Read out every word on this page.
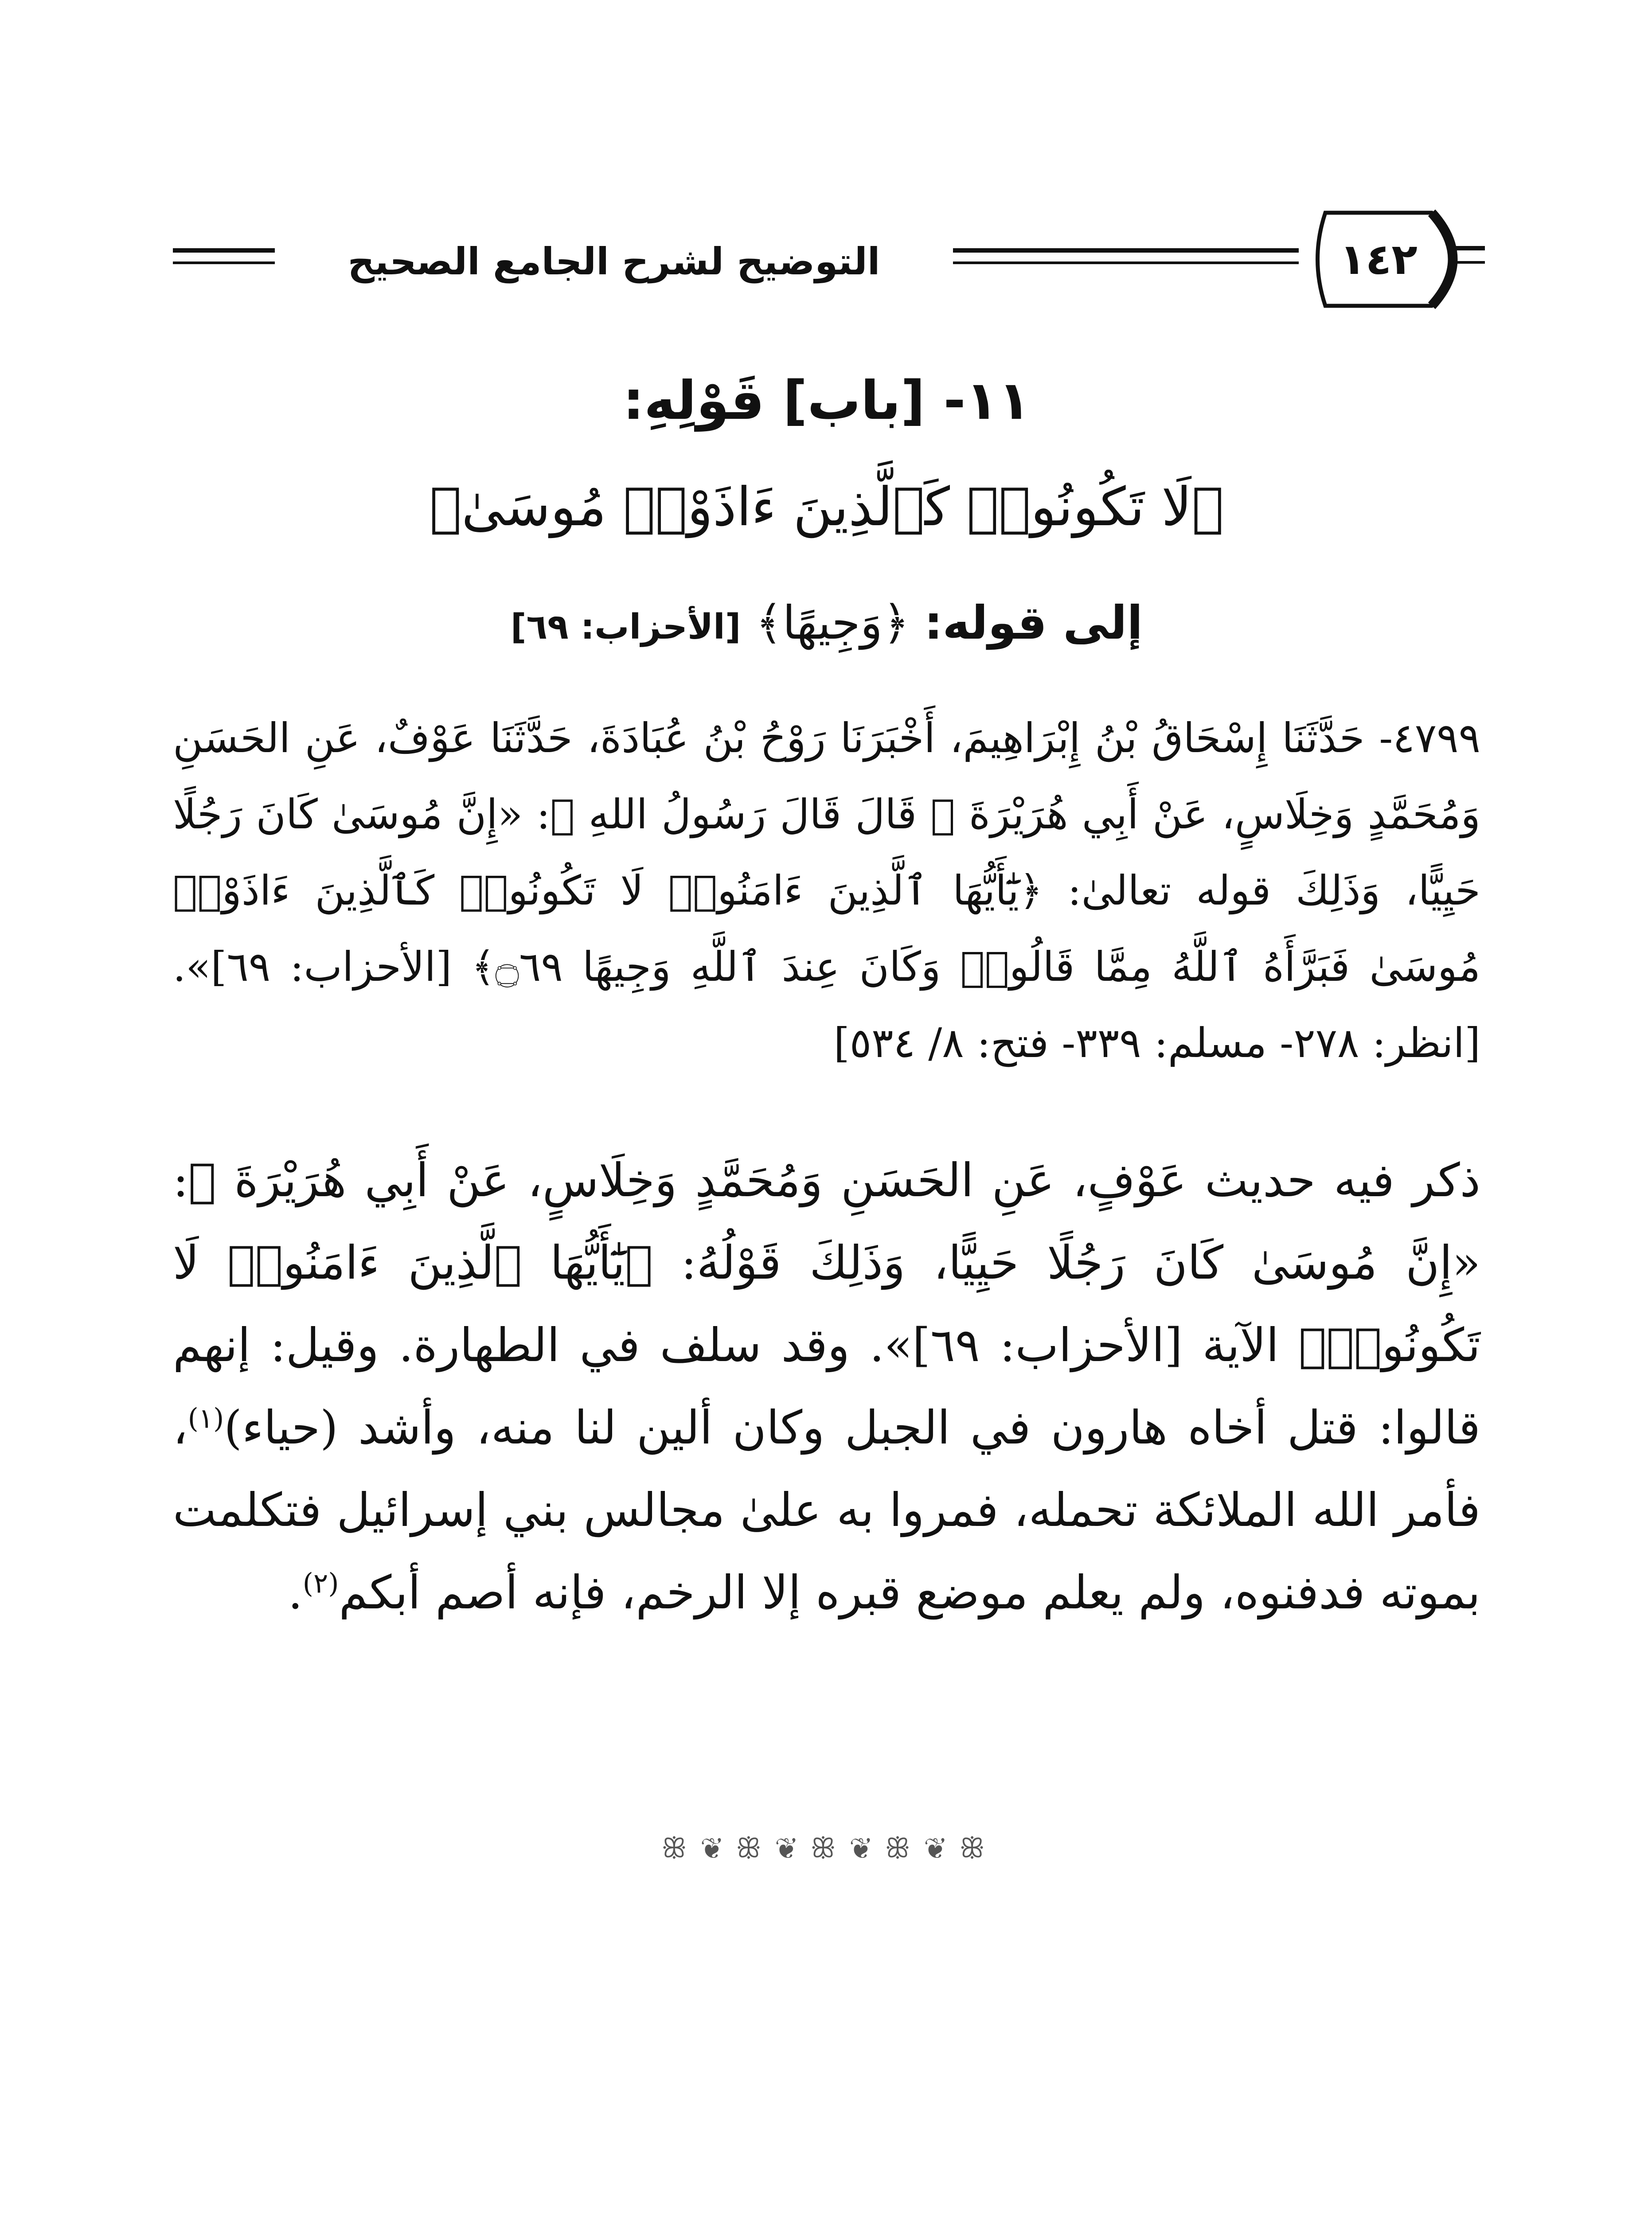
التوضيح لشرح الجامع الصحيح	١٤٢
١١- [باب] قَوْلِهِ:
﴿لَا تَكُونُوا۟ كَٱلَّذِينَ ءَاذَوْا۟ مُوسَىٰ﴾
إلى قوله: ﴿وَجِيهًا﴾ [الأحزاب: ٦٩]
٤٧٩٩- حَدَّثَنَا إِسْحَاقُ بْنُ إِبْرَاهِيمَ، أَخْبَرَنَا رَوْحُ بْنُ عُبَادَةَ، حَدَّثَنَا عَوْفٌ، عَنِ الحَسَنِ وَمُحَمَّدٍ وَخِلَاسٍ، عَنْ أَبِي هُرَيْرَةَ ﷺ قَالَ قَالَ رَسُولُ اللهِ ﷺ: «إِنَّ مُوسَىٰ كَانَ رَجُلًا حَيِيًّا، وَذَلِكَ قوله تعالىٰ: ﴿يَٰٓأَيُّهَا ٱلَّذِينَ ءَامَنُوا۟ لَا تَكُونُوا۟ كَٱلَّذِينَ ءَاذَوْا۟ مُوسَىٰ فَبَرَّأَهُ ٱللَّهُ مِمَّا قَالُوا۟ وَكَانَ عِندَ ٱللَّهِ وَجِيهًا ۝٦٩﴾ [الأحزاب: ٦٩]». [انظر: ٢٧٨- مسلم: ٣٣٩- فتح: ٨/ ٥٣٤]
ذكر فيه حديث عَوْفٍ، عَنِ الحَسَنِ وَمُحَمَّدٍ وَخِلَاسٍ، عَنْ أَبِي هُرَيْرَةَ ﷺ: «إِنَّ مُوسَىٰ كَانَ رَجُلًا حَيِيًّا، وَذَلِكَ قَوْلُهُ: ﴿يَٰٓأَيُّهَا ٱلَّذِينَ ءَامَنُوا۟ لَا تَكُونُوا۟﴾ الآية [الأحزاب: ٦٩]». وقد سلف في الطهارة. وقيل: إنهم قالوا: قتل أخاه هارون في الجبل وكان ألين لنا منه، وأشد (حياء)$^{(١)}$، فأمر الله الملائكة تحمله، فمروا به علىٰ مجالس بني إسرائيل فتكلمت بموته فدفنوه، ولم يعلم موضع قبره إلا الرخم، فإنه أصم أبكم$^{(٢)}$.
ꕥ ❦ ꕥ ❦ ꕥ ❦ ꕥ ❦ ꕥ
